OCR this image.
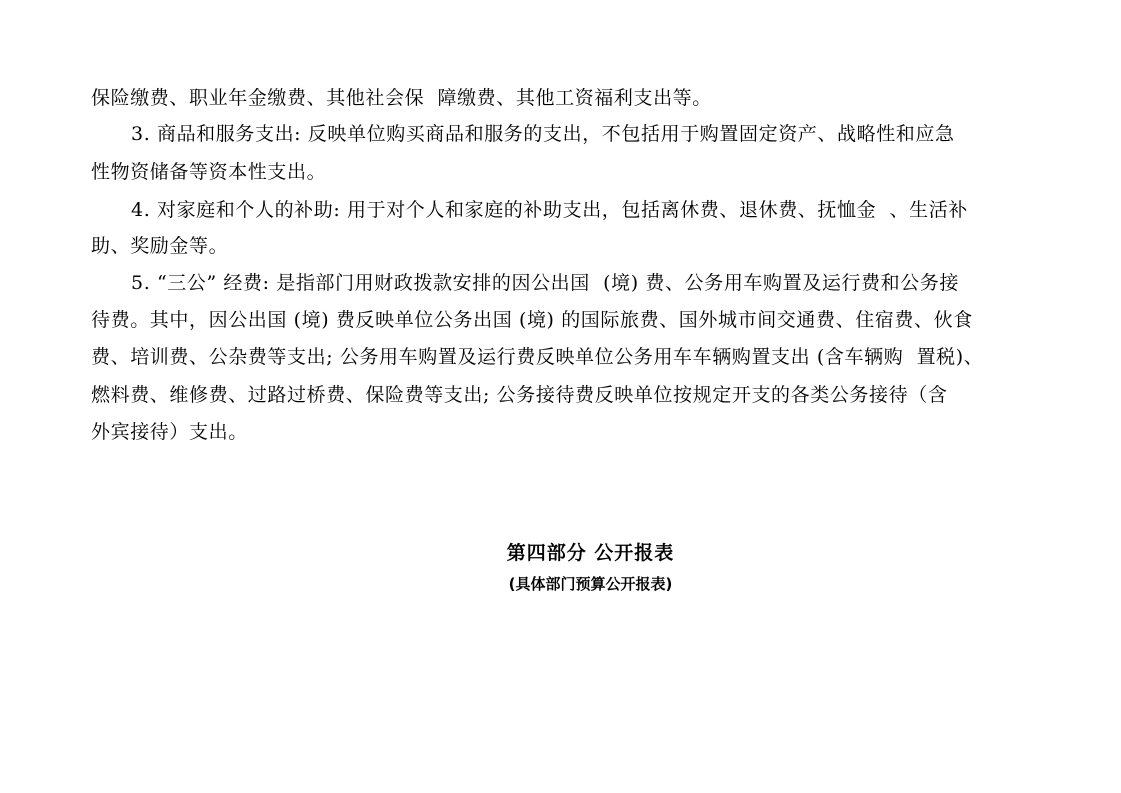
保险缴费、职业年金缴费、其他社会保  障缴费、其他工资福利支出等。
3. 商品和服务支出: 反映单位购买商品和服务的支出，不包括用于购置固定资产、战略性和应急
性物资储备等资本性支出。
4. 对家庭和个人的补助: 用于对个人和家庭的补助支出，包括离休费、退休费、抚恤金  、生活补
助、奖励金等。
5. “三公” 经费: 是指部门用财政拨款安排的因公出国  (境) 费、公务用车购置及运行费和公务接
待费。其中，因公出国 (境) 费反映单位公务出国 (境) 的国际旅费、国外城市间交通费、住宿费、伙食
费、培训费、公杂费等支出; 公务用车购置及运行费反映单位公务用车车辆购置支出 (含车辆购  置税)、
燃料费、维修费、过路过桥费、保险费等支出; 公务接待费反映单位按规定开支的各类公务接待（含
外宾接待）支出。
第四部分 公开报表
(具体部门预算公开报表)
